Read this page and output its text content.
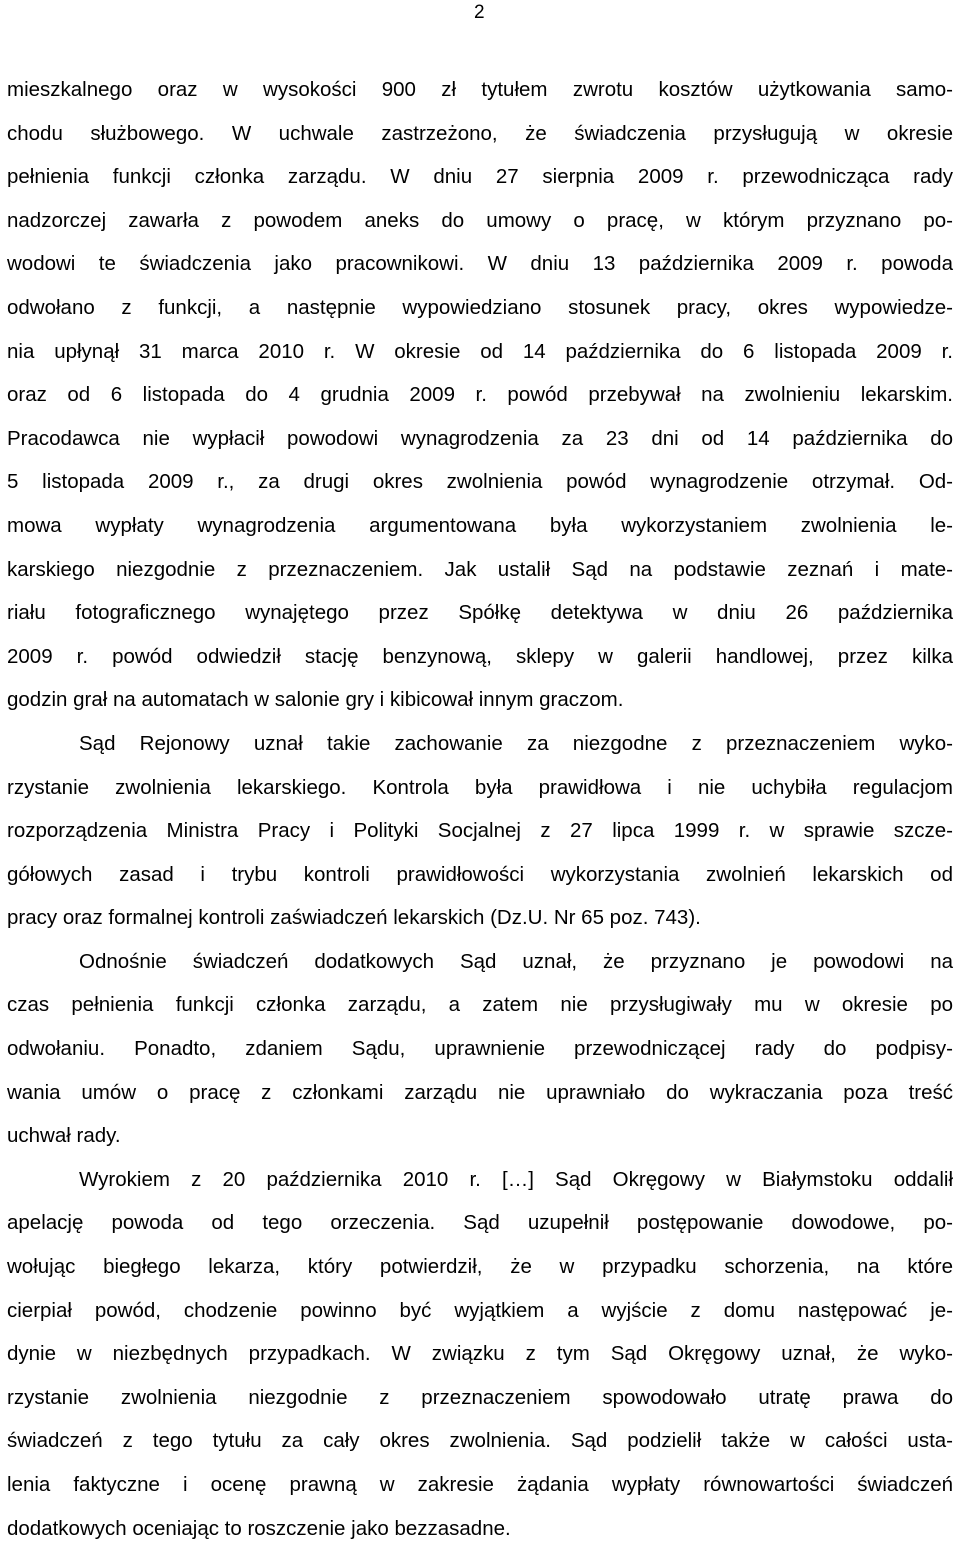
2
mieszkalnego oraz w wysokości 900 zł tytułem zwrotu kosztów użytkowania samo-
chodu służbowego. W uchwale zastrzeżono, że świadczenia przysługują w okresie
pełnienia funkcji członka zarządu. W dniu 27 sierpnia 2009 r. przewodnicząca rady
nadzorczej zawarła z powodem aneks do umowy o pracę, w którym przyznano po-
wodowi te świadczenia jako pracownikowi. W dniu 13 października 2009 r. powoda
odwołano z funkcji, a następnie wypowiedziano stosunek pracy, okres wypowiedze-
nia upłynął 31 marca 2010 r. W okresie od 14 października do 6 listopada 2009 r.
oraz od 6 listopada do 4 grudnia 2009 r. powód przebywał na zwolnieniu lekarskim.
Pracodawca nie wypłacił powodowi wynagrodzenia za 23 dni od 14 października do
5 listopada 2009 r., za drugi okres zwolnienia powód wynagrodzenie otrzymał. Od-
mowa wypłaty wynagrodzenia argumentowana była wykorzystaniem zwolnienia le-
karskiego niezgodnie z przeznaczeniem. Jak ustalił Sąd na podstawie zeznań i mate-
riału fotograficznego wynajętego przez Spółkę detektywa w dniu 26 października
2009 r. powód odwiedził stację benzynową, sklepy w galerii handlowej, przez kilka
godzin grał na automatach w salonie gry i kibicował innym graczom.
Sąd Rejonowy uznał takie zachowanie za niezgodne z przeznaczeniem wyko-
rzystanie zwolnienia lekarskiego. Kontrola była prawidłowa i nie uchybiła regulacjom
rozporządzenia Ministra Pracy i Polityki Socjalnej z 27 lipca 1999 r. w sprawie szcze-
gółowych zasad i trybu kontroli prawidłowości wykorzystania zwolnień lekarskich od
pracy oraz formalnej kontroli zaświadczeń lekarskich (Dz.U. Nr 65 poz. 743).
Odnośnie świadczeń dodatkowych Sąd uznał, że przyznano je powodowi na
czas pełnienia funkcji członka zarządu, a zatem nie przysługiwały mu w okresie po
odwołaniu. Ponadto, zdaniem Sądu, uprawnienie przewodniczącej rady do podpisy-
wania umów o pracę z członkami zarządu nie uprawniało do wykraczania poza treść
uchwał rady.
Wyrokiem z 20 października 2010 r. […] Sąd Okręgowy w Białymstoku oddalił
apelację powoda od tego orzeczenia. Sąd uzupełnił postępowanie dowodowe, po-
wołując biegłego lekarza, który potwierdził, że w przypadku schorzenia, na które
cierpiał powód, chodzenie powinno być wyjątkiem a wyjście z domu następować je-
dynie w niezbędnych przypadkach. W związku z tym Sąd Okręgowy uznał, że wyko-
rzystanie zwolnienia niezgodnie z przeznaczeniem spowodowało utratę prawa do
świadczeń z tego tytułu za cały okres zwolnienia. Sąd podzielił także w całości usta-
lenia faktyczne i ocenę prawną w zakresie żądania wypłaty równowartości świadczeń
dodatkowych oceniając to roszczenie jako bezzasadne.
